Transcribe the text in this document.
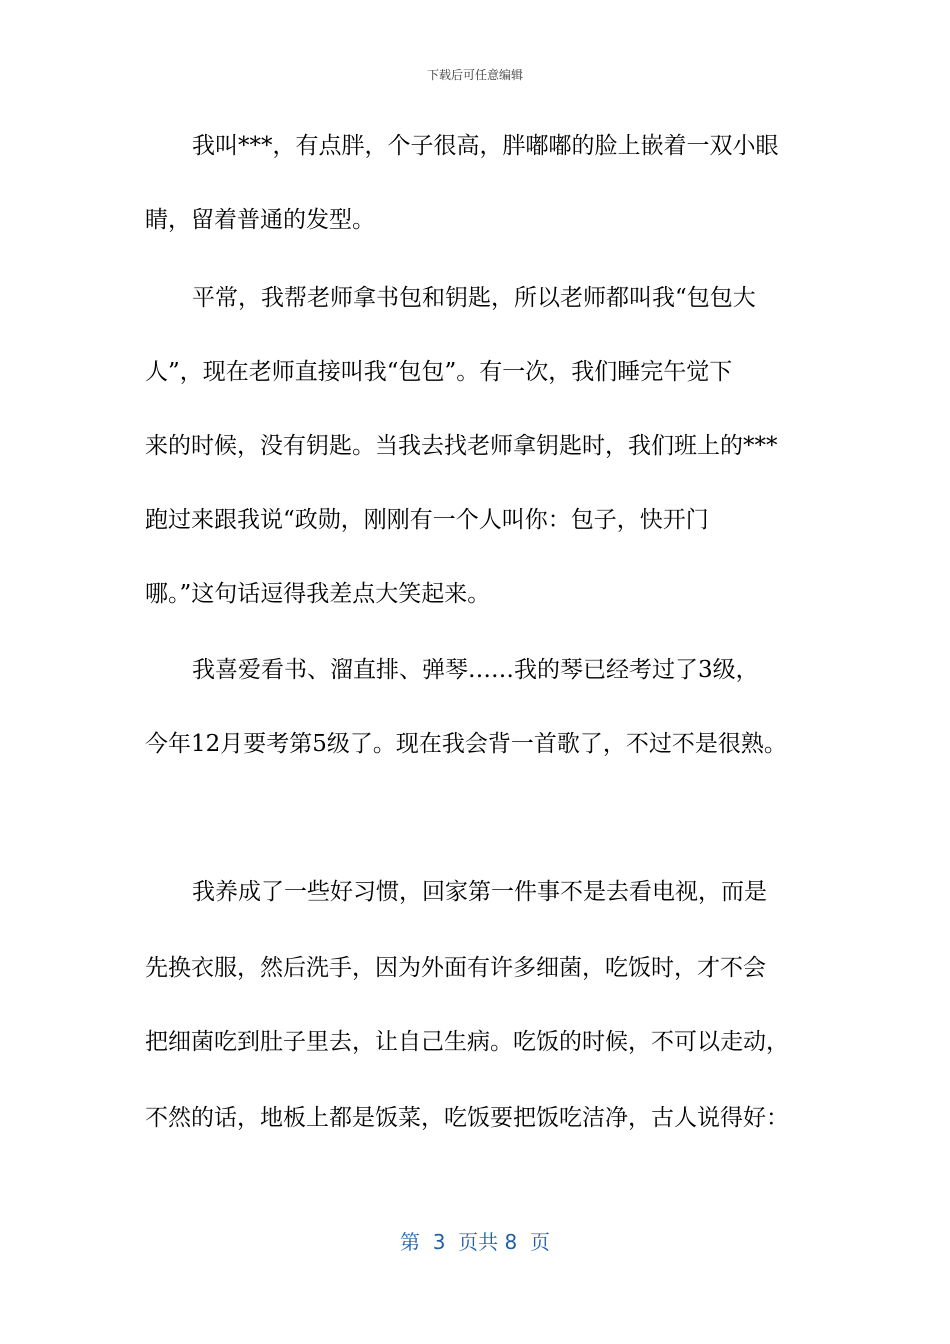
下载后可任意编辑
我叫***，有点胖，个子很高，胖嘟嘟的脸上嵌着一双小眼
睛，留着普通的发型。
平常，我帮老师拿书包和钥匙，所以老师都叫我“包包大
人”，现在老师直接叫我“包包”。有一次，我们睡完午觉下
来的时候，没有钥匙。当我去找老师拿钥匙时，我们班上的***
跑过来跟我说“政勋，刚刚有一个人叫你：包子，快开门
哪。”这句话逗得我差点大笑起来。
我喜爱看书、溜直排、弹琴……我的琴已经考过了3级，
今年12月要考第5级了。现在我会背一首歌了，不过不是很熟。
我养成了一些好习惯，回家第一件事不是去看电视，而是
先换衣服，然后洗手，因为外面有许多细菌，吃饭时，才不会
把细菌吃到肚子里去，让自己生病。吃饭的时候，不可以走动，
不然的话，地板上都是饭菜，吃饭要把饭吃洁净，古人说得好：
第  3  页共 8  页
